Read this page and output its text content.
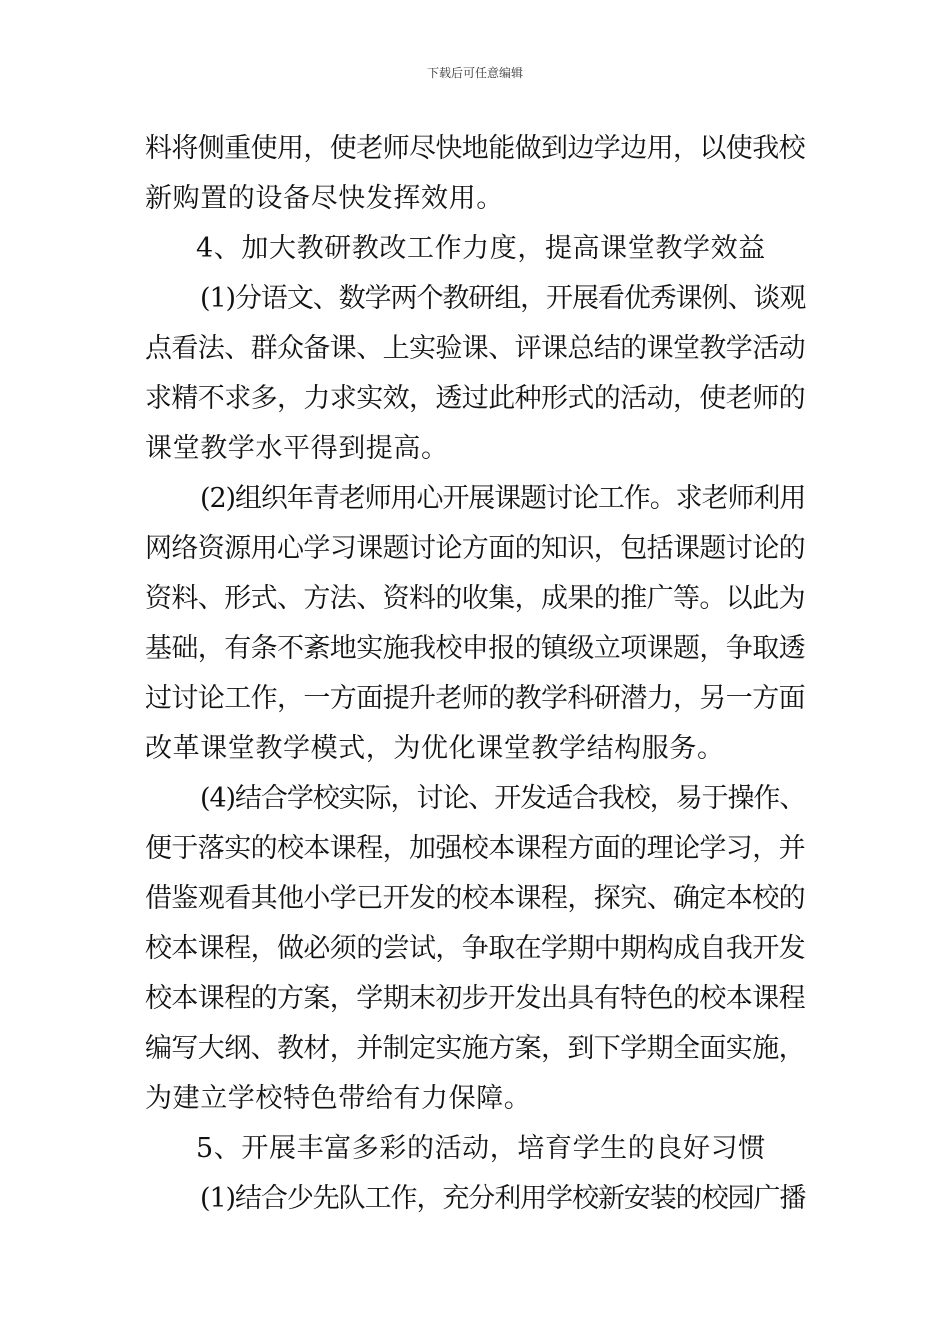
下载后可任意编辑
料将侧重使用，使老师尽快地能做到边学边用，以使我校
新购置的设备尽快发挥效用。
4、加大教研教改工作力度，提高课堂教学效益
(1)分语文、数学两个教研组，开展看优秀课例、谈观
点看法、群众备课、上实验课、评课总结的课堂教学活动
求精不求多，力求实效，透过此种形式的活动，使老师的
课堂教学水平得到提高。
(2)组织年青老师用心开展课题讨论工作。求老师利用
网络资源用心学习课题讨论方面的知识，包括课题讨论的
资料、形式、方法、资料的收集，成果的推广等。以此为
基础，有条不紊地实施我校申报的镇级立项课题，争取透
过讨论工作，一方面提升老师的教学科研潜力，另一方面
改革课堂教学模式，为优化课堂教学结构服务。
(4)结合学校实际，讨论、开发适合我校，易于操作、
便于落实的校本课程，加强校本课程方面的理论学习，并
借鉴观看其他小学已开发的校本课程，探究、确定本校的
校本课程，做必须的尝试，争取在学期中期构成自我开发
校本课程的方案，学期末初步开发出具有特色的校本课程
编写大纲、教材，并制定实施方案，到下学期全面实施，
为建立学校特色带给有力保障。
5、开展丰富多彩的活动，培育学生的良好习惯
(1)结合少先队工作，充分利用学校新安装的校园广播
